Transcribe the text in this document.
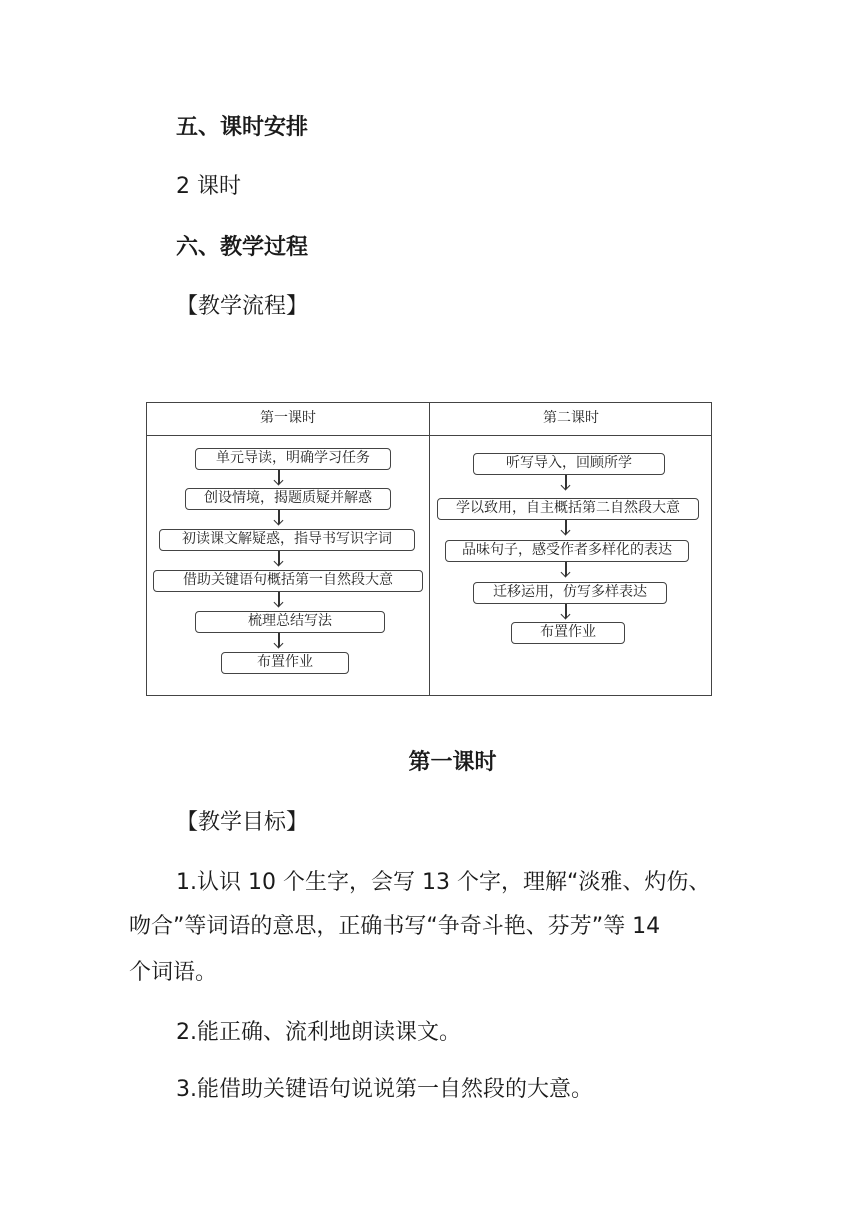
五、课时安排
2 课时
六、教学过程
【教学流程】
第一课时	第二课时
单元导读，明确学习任务
创设情境，揭题质疑并解惑
初读课文解疑惑，指导书写识字词
借助关键语句概括第一自然段大意
梳理总结写法
布置作业
听写导入，回顾所学
学以致用，自主概括第二自然段大意
品味句子，感受作者多样化的表达
迁移运用，仿写多样表达
布置作业
第一课时
【教学目标】
1.认识 10 个生字，会写 13 个字，理解“淡雅、灼伤、
吻合”等词语的意思，正确书写“争奇斗艳、芬芳”等 14
个词语。
2.能正确、流利地朗读课文。
3.能借助关键语句说说第一自然段的大意。
